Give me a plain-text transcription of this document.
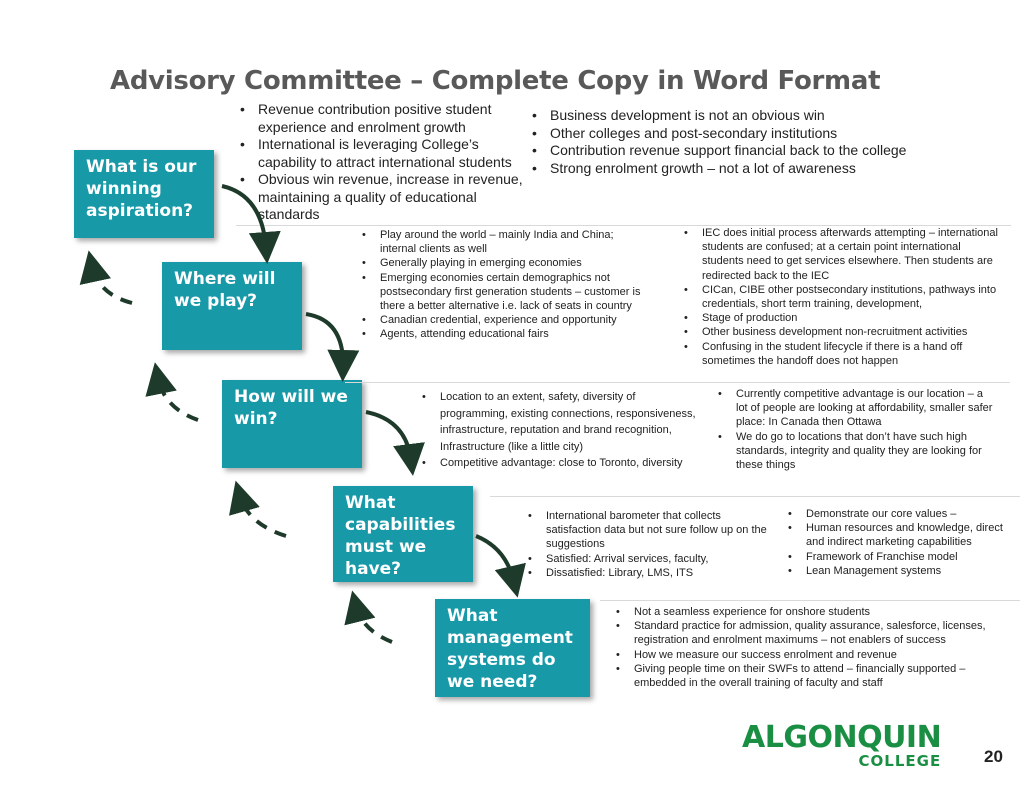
Advisory Committee – Complete Copy in Word Format
What is our winning aspiration?
Where will we play?
How will we win?
What capabilities must we have?
What management systems do we need?
• Revenue contribution positive student experience and enrolment growth
• International is leveraging College’s capability to attract international students
• Obvious win revenue, increase in revenue, maintaining a quality of educational standards
• Business development is not an obvious win
• Other colleges and post-secondary institutions
• Contribution revenue support financial back to the college
• Strong enrolment growth – not a lot of awareness
• Play around the world – mainly India and China; internal clients as well
• Generally playing in emerging economies
• Emerging economies certain demographics not postsecondary first generation students – customer is there a better alternative i.e. lack of seats in country
• Canadian credential, experience and opportunity
• Agents, attending educational fairs
• IEC does initial process afterwards attempting – international students are confused; at a certain point international students need to get services elsewhere. Then students are redirected back to the IEC
• CICan, CIBE other postsecondary institutions, pathways into credentials, short term training, development,
• Stage of production
• Other business development non-recruitment activities
• Confusing in the student lifecycle if there is a hand off sometimes the handoff does not happen
• Location to an extent, safety, diversity of programming, existing connections, responsiveness, infrastructure, reputation and brand recognition, Infrastructure (like a little city)
• Competitive advantage: close to Toronto, diversity
• Currently competitive advantage is our location – a lot of people are looking at affordability, smaller safer place: In Canada then Ottawa
• We do go to locations that don’t have such high standards, integrity and quality they are looking for these things
• International barometer that collects satisfaction data but not sure follow up on the suggestions
• Satisfied: Arrival services, faculty,
• Dissatisfied: Library, LMS, ITS
• Demonstrate our core values –
• Human resources and knowledge, direct and indirect marketing capabilities
• Framework of Franchise model
• Lean Management systems
• Not a seamless experience for onshore students
• Standard practice for admission, quality assurance, salesforce, licenses, registration and enrolment maximums – not enablers of success
• How we measure our success enrolment and revenue
• Giving people time on their SWFs to attend – financially supported – embedded in the overall training of faculty and staff
ALGONQUIN
COLLEGE	20
